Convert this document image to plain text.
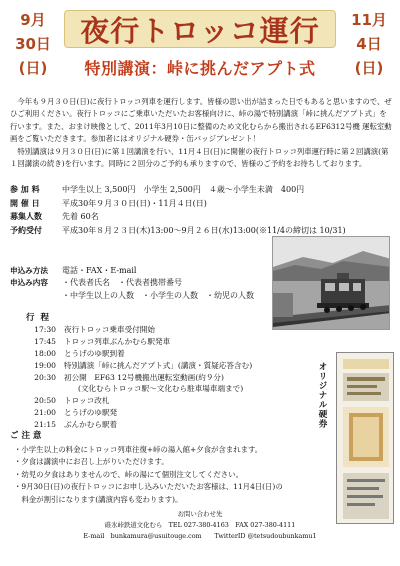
9月
30日
(日)
夜行トロッコ運行
特別講演：峠に挑んだアプト式
11月
4日
(日)

今年も９月３０日(日)に夜行トロッコ列車を運行します。皆様の思い出が詰まった日でもあると思いますので、ぜひご利用ください。夜行トロッコにご乗車いただいたお客様向けに、峠の湯で特別講演「峠に挑んだアプト式」を行います。また、おまけ映像として、2011年3月10日に整備のため文化むらから搬出されるEF6312号機 運転室動画をご覧いただきます。参加者にはオリジナル硬券・缶バッジプレゼント！

特別講演は９月３０日(日)に第１回講演を行い、11月４日(日)に開催の夜行トロッコ列車運行時に第２回講演(第１回講演の続き)を行います。同時に２回分のご予約も承りますので、皆様のご予約をお待ちしております。

参 加 料	中学生以上 3,500円　小学生 2,500円　４歳～小学生未満　400円
開 催 日	平成30年９月３０日(日)・11月４日(日)
募集人数	先着 60名
予約受付	平成30年８月２３日(木)13:00～9月２６日(水)13:00(※11/4の締切は 10/31)
申込み方法	電話・FAX・E-mail
申込み内容	・代表者氏名　・代表者携帯番号
・中学生以上の人数　・小学生の人数　・幼児の人数
行程
17:30	夜行トロッコ乗車受付開始
17:45	トロッコ列車ぶんかむら駅発車
18:00	とうげのゆ駅到着
19:00	特別講演「峠に挑んだアプト式」(講演・質疑応答含む)
20:30	初公開　EF63 12号機搬出運転室動画(約９分)
(文化むらトロッコ駅～文化むら駐車場車端まで)
20:50	トロッコ改札
21:00	とうげのゆ駅発
21:15	ぶんかむら駅着	オリジナル硬券
ご 注 意
・小学生以上の料金にトロッコ列車往復+峠の湯入館+夕食が含まれます。
・夕食は講演中にお召し上がりいただけます。
・幼児の夕食はありませんので、峠の湯にて個別注文してください。
・9月30日(日)の夜行トロッコにお申し込みいただいたお客様は、11月4日(日)の
　料金が割引になります(講演内容も変わります)。
お問い合わせ先
碓氷峠鉄道文化むら　TEL 027-380-4163　FAX 027-380-4111
E-mail　bunkamura@usuitouge.com　　TwitterID @tetsudoubunkamu1
